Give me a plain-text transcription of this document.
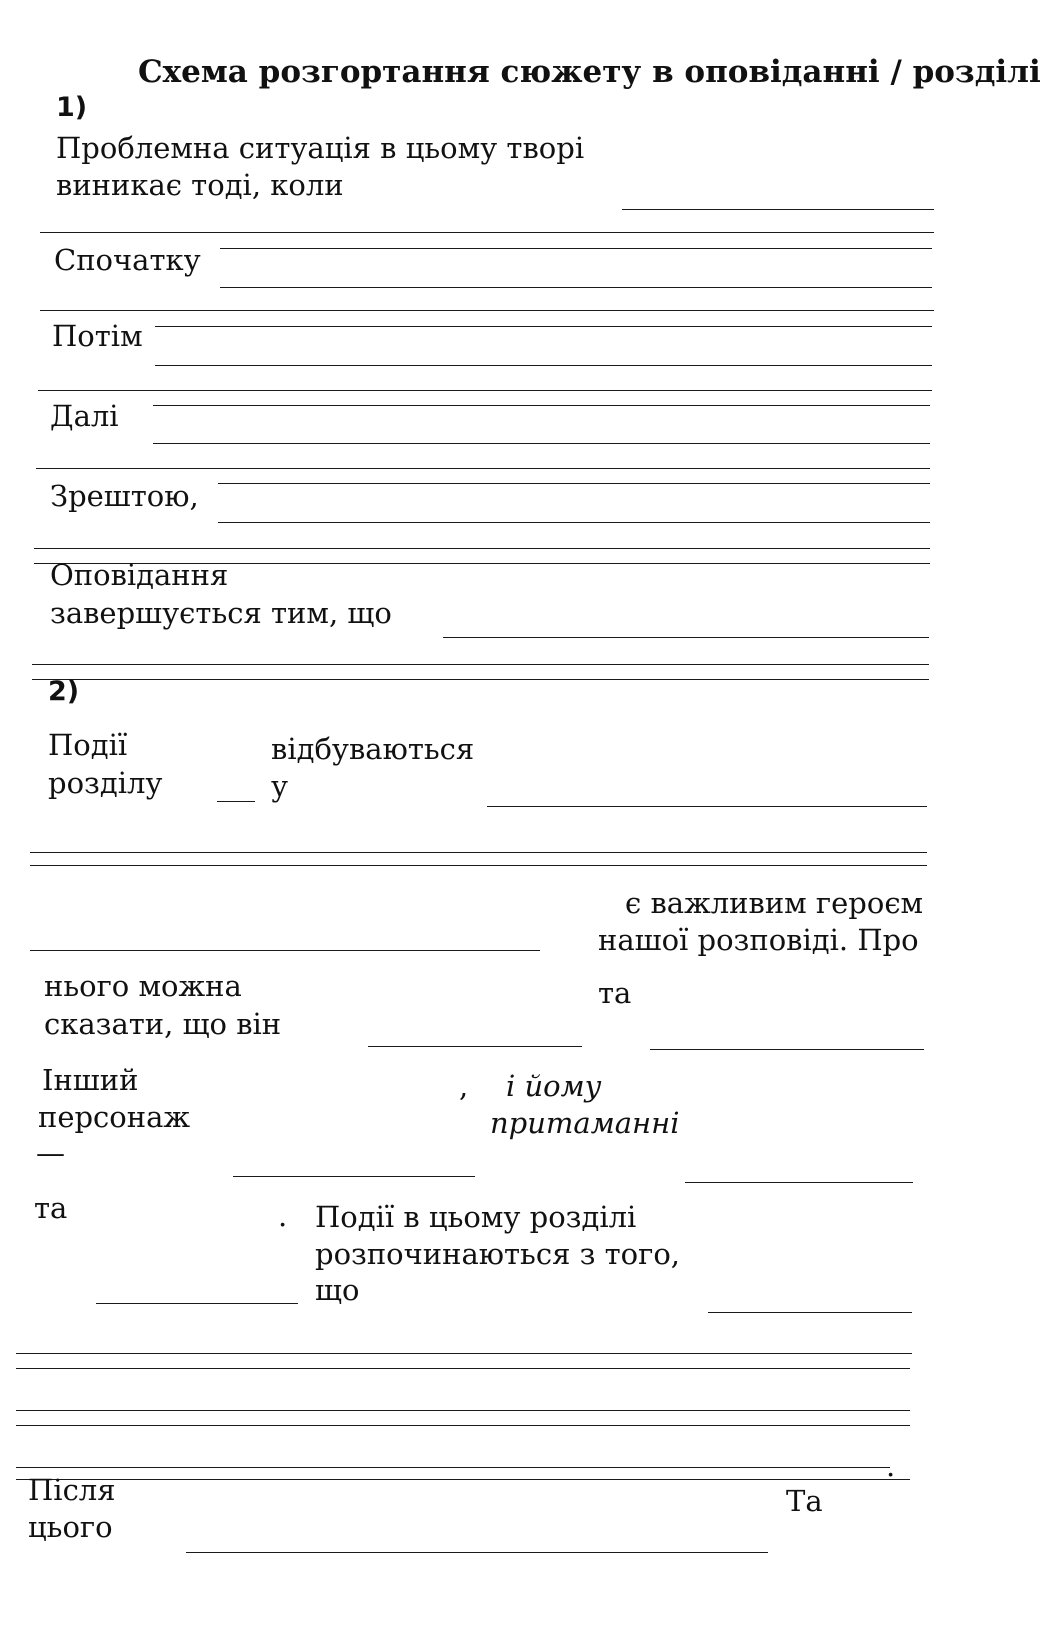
Схема розгортання сюжету в оповіданні / розділі

1)

Проблемна ситуація в цьому творі

виникає тоді, коли

Спочатку

Потім

Далі

Зрештою,

Оповідання

завершується тим, що

2)

Події

розділу

відбуваються

у

є важливим героєм

нашої розповіді. Про

нього можна

сказати, що він

та

Інший

персонаж

—

, і йому

притаманні

та	. Події в цьому розділі

розпочинаються з того,

що

.

Після

цього

Та
